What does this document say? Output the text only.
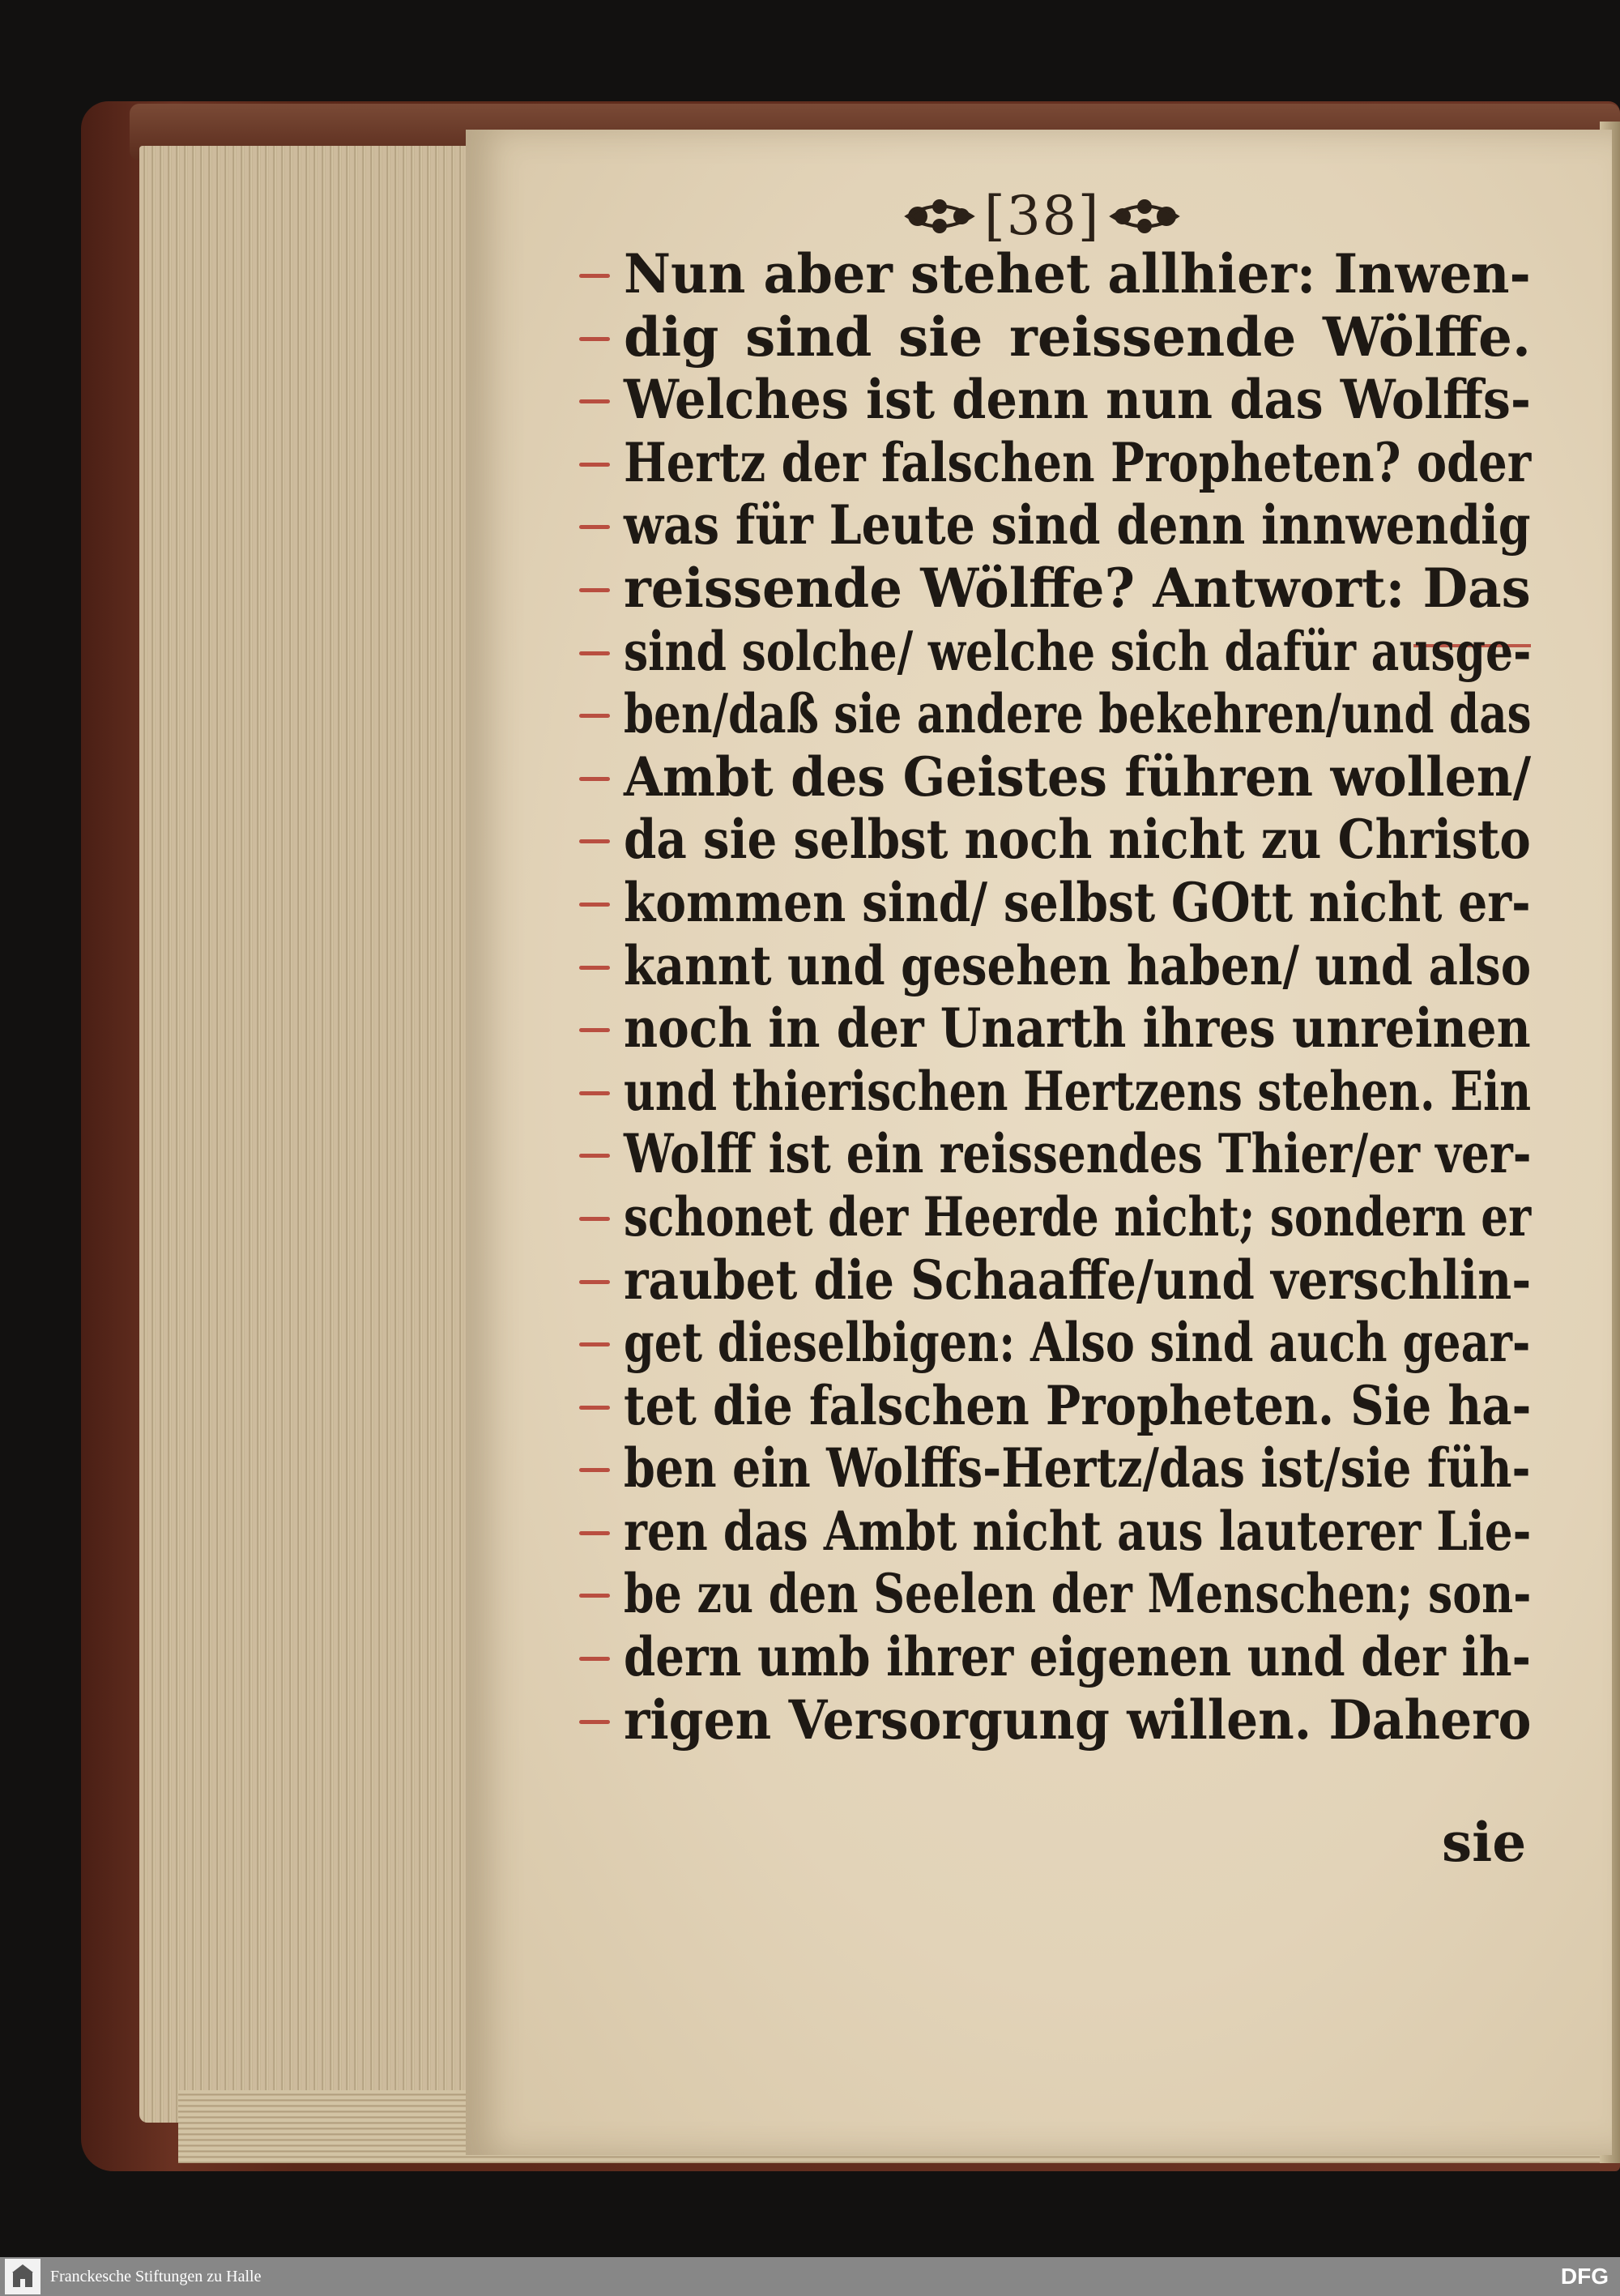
[38]
Nun aber stehet allhier: Inwen-
dig sind sie reissende Wölffe.
Welches ist denn nun das Wolffs-
Hertz der falschen Propheten? oder
was für Leute sind denn innwendig
reissende Wölffe? Antwort: Das
sind solche/ welche sich dafür ausge-
ben/daß sie andere bekehren/und das
Ambt des Geistes führen wollen/
da sie selbst noch nicht zu Christo
kommen sind/ selbst GOtt nicht er-
kannt und gesehen haben/ und also
noch in der Unarth ihres unreinen
und thierischen Hertzens stehen. Ein
Wolff ist ein reissendes Thier/er ver-
schonet der Heerde nicht; sondern er
raubet die Schaaffe/und verschlin-
get dieselbigen: Also sind auch gear-
tet die falschen Propheten. Sie ha-
ben ein Wolffs-Hertz/das ist/sie füh-
ren das Ambt nicht aus lauterer Lie-
be zu den Seelen der Menschen; son-
dern umb ihrer eigenen und der ih-
rigen Versorgung willen. Dahero
sie
Franckesche Stiftungen zu Halle	DFG
